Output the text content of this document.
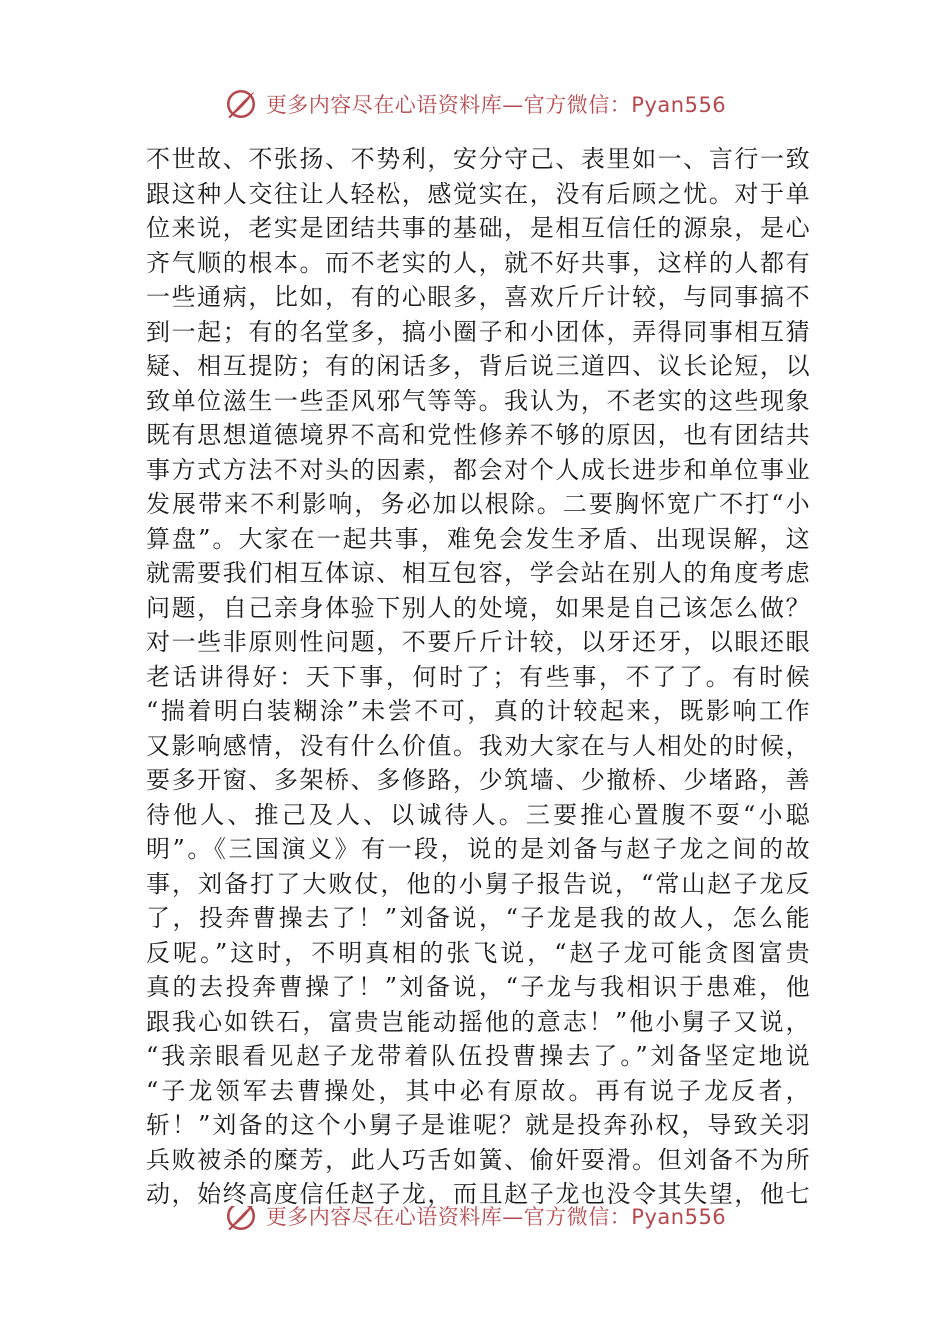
更多内容尽在心语资料库—官方微信：Pyan556
不世故、不张扬、不势利，安分守己、表里如一、言行一致
跟这种人交往让人轻松，感觉实在，没有后顾之忧。对于单
位来说，老实是团结共事的基础，是相互信任的源泉，是心
齐气顺的根本。而不老实的人，就不好共事，这样的人都有
一些通病，比如，有的心眼多，喜欢斤斤计较，与同事搞不
到一起；有的名堂多，搞小圈子和小团体，弄得同事相互猜
疑、相互提防；有的闲话多，背后说三道四、议长论短，以
致单位滋生一些歪风邪气等等。我认为，不老实的这些现象
既有思想道德境界不高和党性修养不够的原因，也有团结共
事方式方法不对头的因素，都会对个人成长进步和单位事业
发展带来不利影响，务必加以根除。二要胸怀宽广不打“小
算盘”。大家在一起共事，难免会发生矛盾、出现误解，这
就需要我们相互体谅、相互包容，学会站在别人的角度考虑
问题，自己亲身体验下别人的处境，如果是自己该怎么做？
对一些非原则性问题，不要斤斤计较，以牙还牙，以眼还眼
老话讲得好：天下事，何时了；有些事，不了了。有时候
“揣着明白装糊涂”未尝不可，真的计较起来，既影响工作
又影响感情，没有什么价值。我劝大家在与人相处的时候，
要多开窗、多架桥、多修路，少筑墙、少撤桥、少堵路，善
待他人、推己及人、以诚待人。三要推心置腹不耍“小聪
明”。《三国演义》有一段，说的是刘备与赵子龙之间的故
事，刘备打了大败仗，他的小舅子报告说，“常山赵子龙反
了，投奔曹操去了！”刘备说，“子龙是我的故人，怎么能
反呢。”这时，不明真相的张飞说，“赵子龙可能贪图富贵
真的去投奔曹操了！”刘备说，“子龙与我相识于患难，他
跟我心如铁石，富贵岂能动摇他的意志！”他小舅子又说，
“我亲眼看见赵子龙带着队伍投曹操去了。”刘备坚定地说
“子龙领军去曹操处，其中必有原故。再有说子龙反者，
斩！”刘备的这个小舅子是谁呢？就是投奔孙权，导致关羽
兵败被杀的糜芳，此人巧舌如簧、偷奸耍滑。但刘备不为所
动，始终高度信任赵子龙，而且赵子龙也没令其失望，他七
更多内容尽在心语资料库—官方微信：Pyan556
